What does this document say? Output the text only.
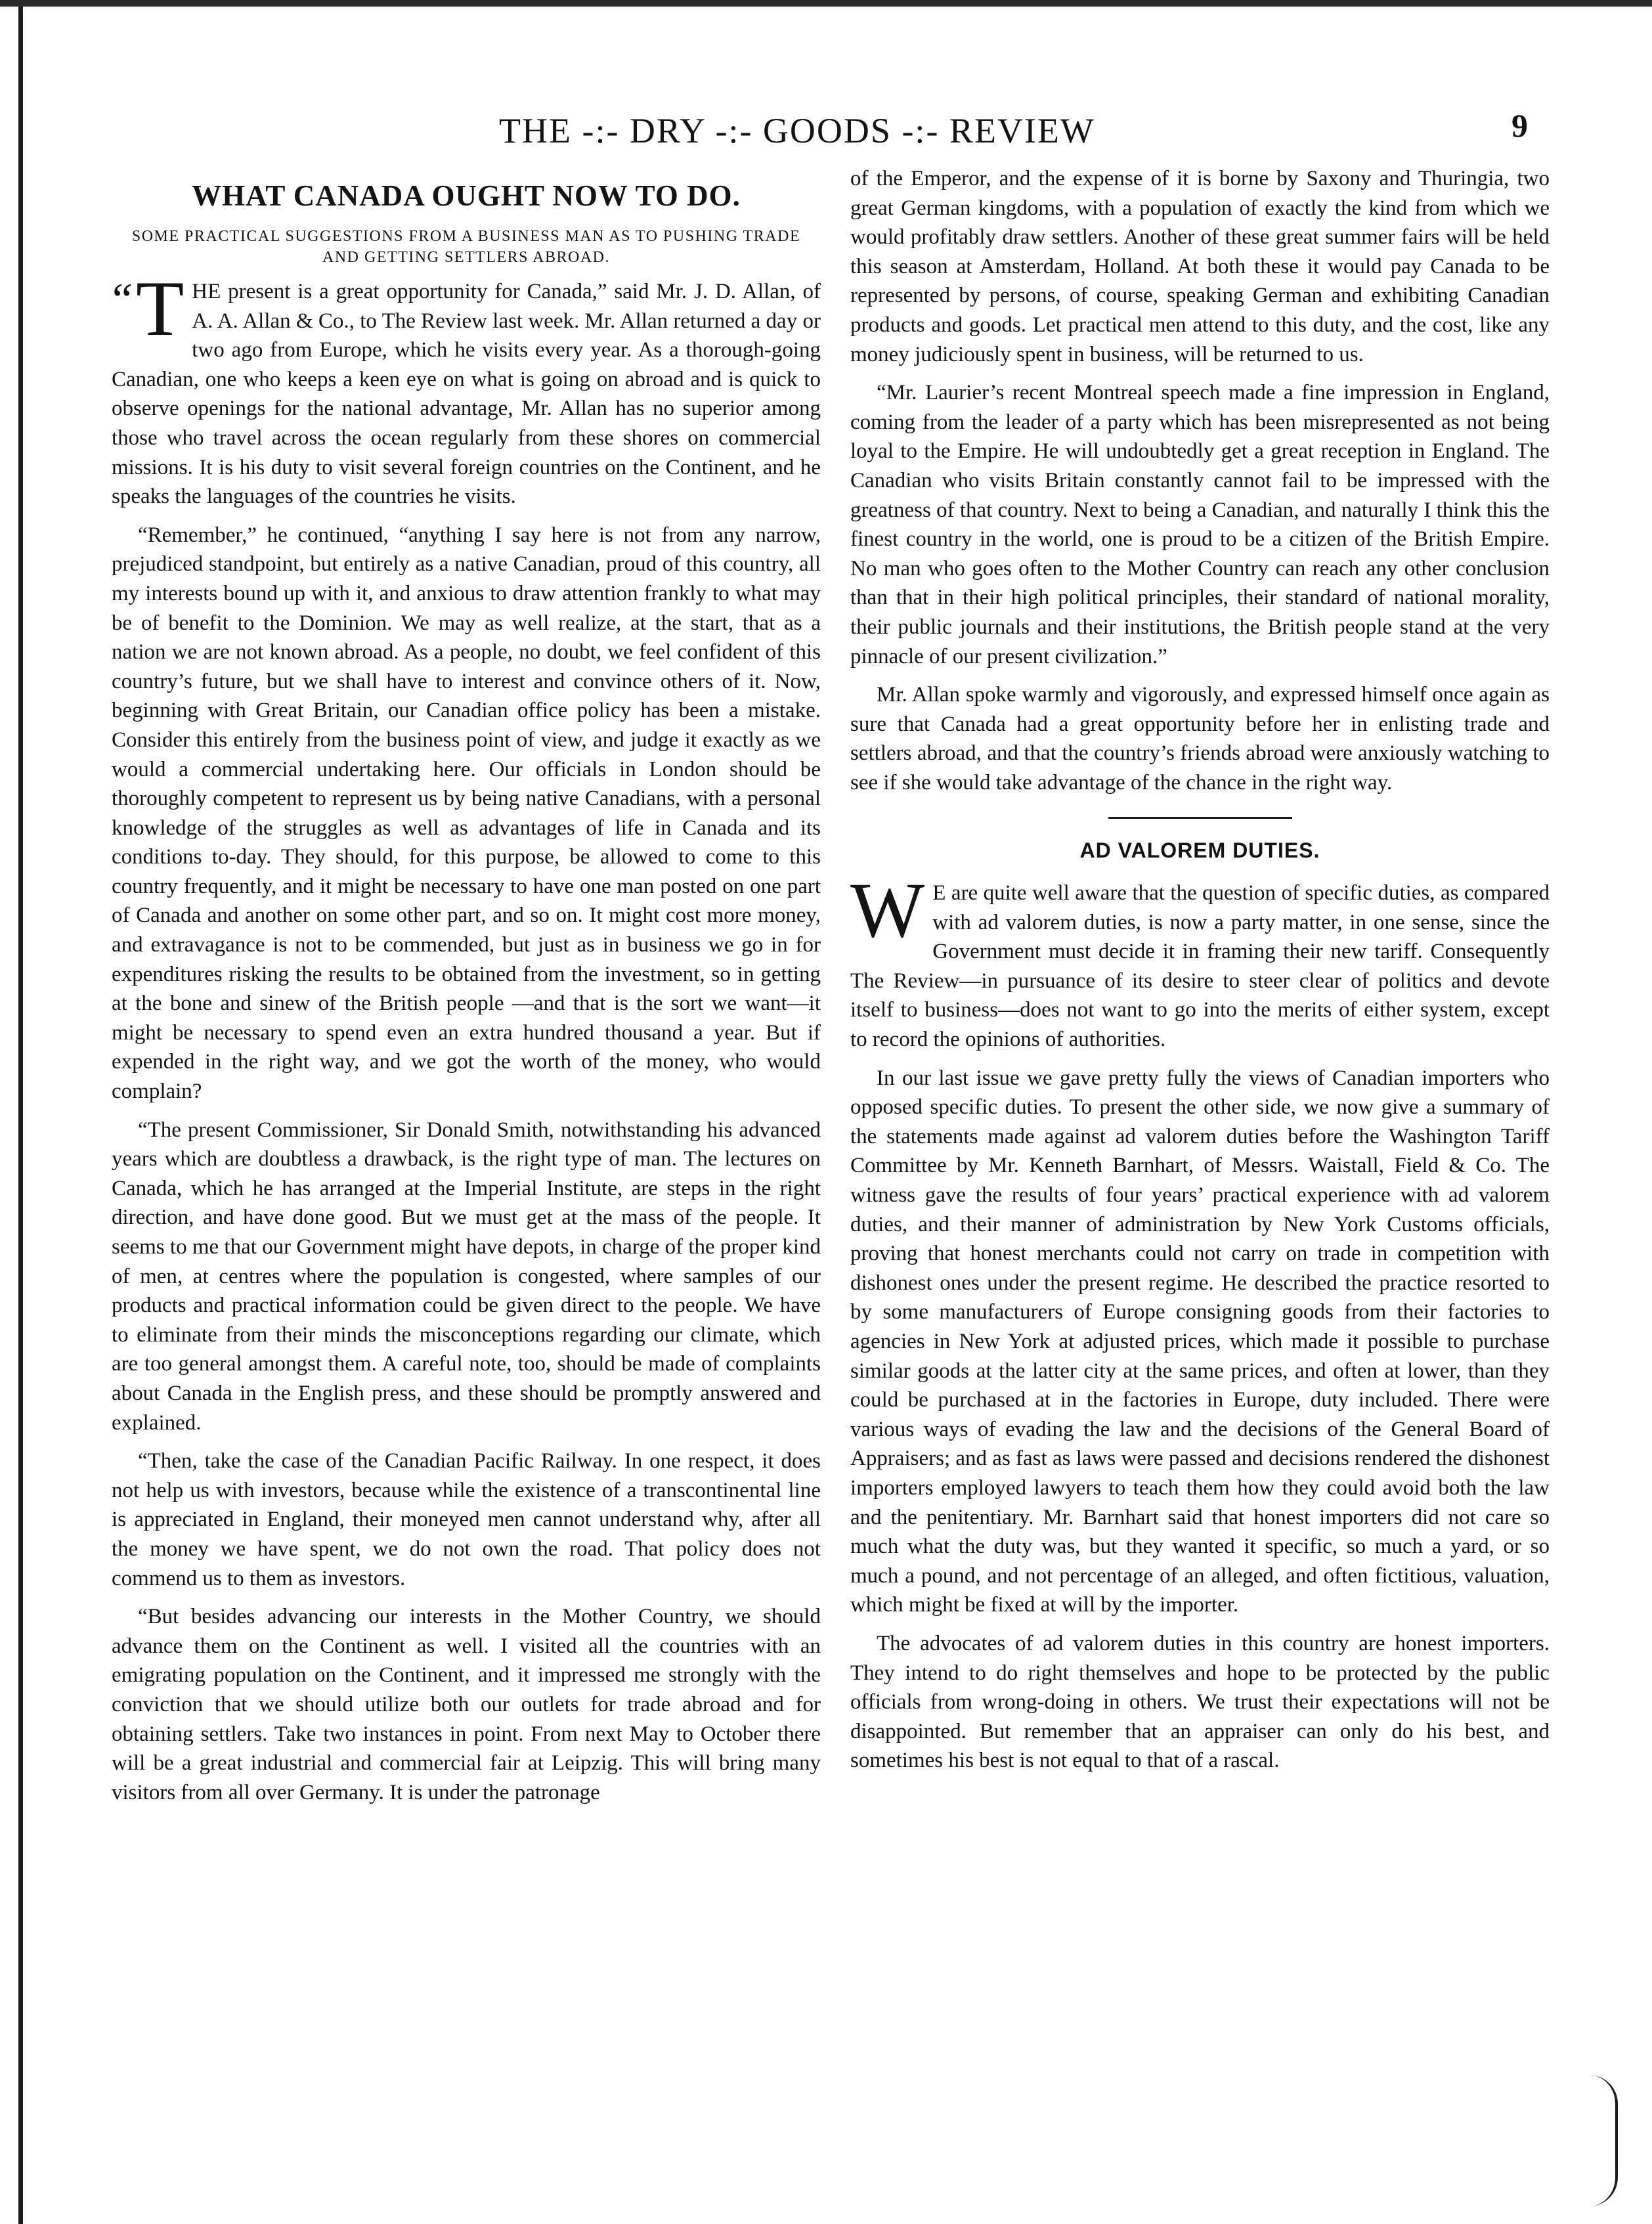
THE -:- DRY -:- GOODS -:- REVIEW	9
WHAT CANADA OUGHT NOW TO DO.
SOME PRACTICAL SUGGESTIONS FROM A BUSINESS MAN AS TO PUSHING TRADE AND GETTING SETTLERS ABROAD.

“ T HE present is a great opportunity for Canada,” said Mr. J. D. Allan, of A. A. Allan & Co., to The Review last week. Mr. Allan returned a day or two ago from Europe, which he visits every year. As a thorough-going Canadian, one who keeps a keen eye on what is going on abroad and is quick to observe openings for the national advantage, Mr. Allan has no superior among those who travel across the ocean regularly from these shores on commercial missions. It is his duty to visit several foreign countries on the Continent, and he speaks the languages of the countries he visits.

“Remember,” he continued, “anything I say here is not from any narrow, prejudiced standpoint, but entirely as a native Canadian, proud of this country, all my interests bound up with it, and anxious to draw attention frankly to what may be of benefit to the Dominion. We may as well realize, at the start, that as a nation we are not known abroad. As a people, no doubt, we feel confident of this country’s future, but we shall have to interest and convince others of it. Now, beginning with Great Britain, our Canadian office policy has been a mistake. Consider this entirely from the business point of view, and judge it exactly as we would a commercial undertaking here. Our officials in London should be thoroughly competent to represent us by being native Canadians, with a personal knowledge of the struggles as well as advantages of life in Canada and its conditions to-day. They should, for this purpose, be allowed to come to this country frequently, and it might be necessary to have one man posted on one part of Canada and another on some other part, and so on. It might cost more money, and extravagance is not to be commended, but just as in business we go in for expenditures risking the results to be obtained from the investment, so in getting at the bone and sinew of the British people —and that is the sort we want—it might be necessary to spend even an extra hundred thousand a year. But if expended in the right way, and we got the worth of the money, who would complain?

“The present Commissioner, Sir Donald Smith, notwithstanding his advanced years which are doubtless a drawback, is the right type of man. The lectures on Canada, which he has arranged at the Imperial Institute, are steps in the right direction, and have done good. But we must get at the mass of the people. It seems to me that our Government might have depots, in charge of the proper kind of men, at centres where the population is congested, where samples of our products and practical information could be given direct to the people. We have to eliminate from their minds the misconceptions regarding our climate, which are too general amongst them. A careful note, too, should be made of complaints about Canada in the English press, and these should be promptly answered and explained.

“Then, take the case of the Canadian Pacific Railway. In one respect, it does not help us with investors, because while the existence of a transcontinental line is appreciated in England, their moneyed men cannot understand why, after all the money we have spent, we do not own the road. That policy does not commend us to them as investors.

“But besides advancing our interests in the Mother Country, we should advance them on the Continent as well. I visited all the countries with an emigrating population on the Continent, and it impressed me strongly with the conviction that we should utilize both our outlets for trade abroad and for obtaining settlers. Take two instances in point. From next May to October there will be a great industrial and commercial fair at Leipzig. This will bring many visitors from all over Germany. It is under the patronage

of the Emperor, and the expense of it is borne by Saxony and Thuringia, two great German kingdoms, with a population of exactly the kind from which we would profitably draw settlers. Another of these great summer fairs will be held this season at Amsterdam, Holland. At both these it would pay Canada to be represented by persons, of course, speaking German and exhibiting Canadian products and goods. Let practical men attend to this duty, and the cost, like any money judiciously spent in business, will be returned to us.

“Mr. Laurier’s recent Montreal speech made a fine impression in England, coming from the leader of a party which has been misrepresented as not being loyal to the Empire. He will undoubtedly get a great reception in England. The Canadian who visits Britain constantly cannot fail to be impressed with the greatness of that country. Next to being a Canadian, and naturally I think this the finest country in the world, one is proud to be a citizen of the British Empire. No man who goes often to the Mother Country can reach any other conclusion than that in their high political principles, their standard of national morality, their public journals and their institutions, the British people stand at the very pinnacle of our present civilization.”

Mr. Allan spoke warmly and vigorously, and expressed himself once again as sure that Canada had a great opportunity before her in enlisting trade and settlers abroad, and that the country’s friends abroad were anxiously watching to see if she would take advantage of the chance in the right way.

AD VALOREM DUTIES.

W E are quite well aware that the question of specific duties, as compared with ad valorem duties, is now a party matter, in one sense, since the Government must decide it in framing their new tariff. Consequently The Review—in pursuance of its desire to steer clear of politics and devote itself to business—does not want to go into the merits of either system, except to record the opinions of authorities.

In our last issue we gave pretty fully the views of Canadian importers who opposed specific duties. To present the other side, we now give a summary of the statements made against ad valorem duties before the Washington Tariff Committee by Mr. Kenneth Barnhart, of Messrs. Waistall, Field & Co. The witness gave the results of four years’ practical experience with ad valorem duties, and their manner of administration by New York Customs officials, proving that honest merchants could not carry on trade in competition with dishonest ones under the present regime. He described the practice resorted to by some manufacturers of Europe consigning goods from their factories to agencies in New York at adjusted prices, which made it possible to purchase similar goods at the latter city at the same prices, and often at lower, than they could be purchased at in the factories in Europe, duty included. There were various ways of evading the law and the decisions of the General Board of Appraisers; and as fast as laws were passed and decisions rendered the dishonest importers employed lawyers to teach them how they could avoid both the law and the penitentiary. Mr. Barnhart said that honest importers did not care so much what the duty was, but they wanted it specific, so much a yard, or so much a pound, and not percentage of an alleged, and often fictitious, valuation, which might be fixed at will by the importer.

The advocates of ad valorem duties in this country are honest importers. They intend to do right themselves and hope to be protected by the public officials from wrong-doing in others. We trust their expectations will not be disappointed. But remember that an appraiser can only do his best, and sometimes his best is not equal to that of a rascal.
